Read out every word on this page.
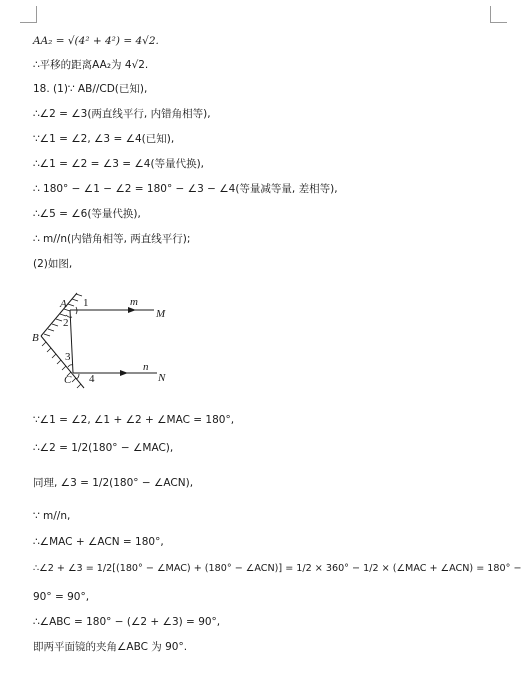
AA₂ = √(4² + 4²) = 4√2.
∴平移的距离AA₂为 4√2.
18. (1)∵ AB//CD(已知),
∴∠2 = ∠3(两直线平行, 内错角相等),
∵∠1 = ∠2, ∠3 = ∠4(已知),
∴∠1 = ∠2 = ∠3 = ∠4(等量代换),
∴ 180° − ∠1 − ∠2 = 180° − ∠3 − ∠4(等量减等量, 差相等),
∴∠5 = ∠6(等量代换),
∴ m//n(内错角相等, 两直线平行);
(2)如图,
A 1	m
M
2
B
3
n
C 4	N
∵∠1 = ∠2, ∠1 + ∠2 + ∠MAC = 180°,
∴∠2 = 1/2(180° − ∠MAC),
同理, ∠3 = 1/2(180° − ∠ACN),
∵ m//n,
∴∠MAC + ∠ACN = 180°,
∴∠2 + ∠3 = 1/2[(180° − ∠MAC) + (180° − ∠ACN)] = 1/2 × 360° − 1/2 × (∠MAC + ∠ACN) = 180° −
90° = 90°,
∴∠ABC = 180° − (∠2 + ∠3) = 90°,
即两平面镜的夹角∠ABC 为 90°.
